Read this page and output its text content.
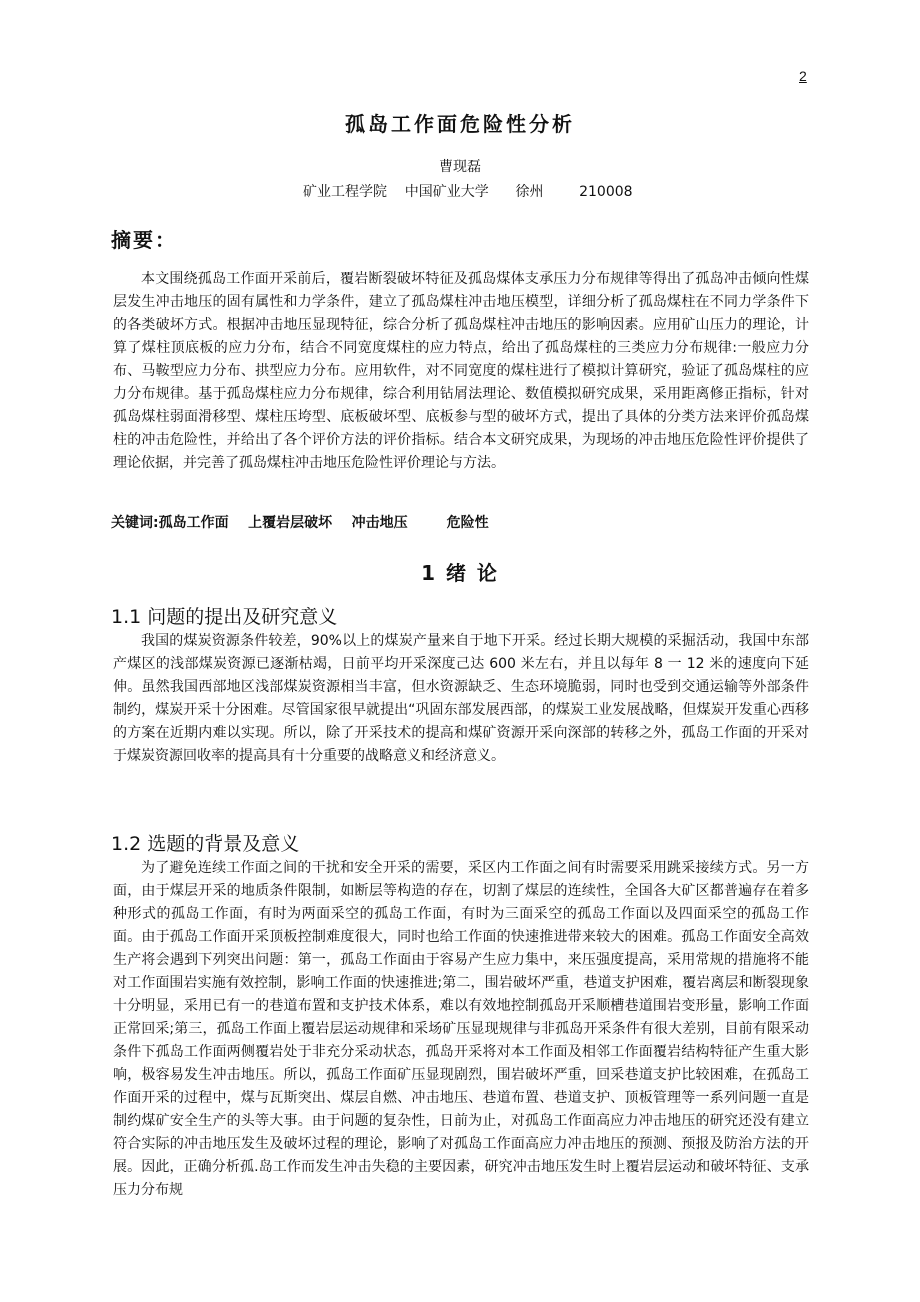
2
孤岛工作面危险性分析
曹现磊
矿业工程学院    中国矿业大学      徐州        210008
摘要：

本文围绕孤岛工作面开采前后，覆岩断裂破坏特征及孤岛煤体支承压力分布规律等得出了孤岛冲击倾向性煤层发生冲击地压的固有属性和力学条件，建立了孤岛煤柱冲击地压模型，详细分析了孤岛煤柱在不同力学条件下的各类破坏方式。根据冲击地压显现特征，综合分析了孤岛煤柱冲击地压的影响因素。应用矿山压力的理论，计算了煤柱顶底板的应力分布，结合不同宽度煤柱的应力特点，给出了孤岛煤柱的三类应力分布规律:一般应力分布、马鞍型应力分布、拱型应力分布。应用软件，对不同宽度的煤柱进行了模拟计算研究，验证了孤岛煤柱的应力分布规律。基于孤岛煤柱应力分布规律，综合利用钻屑法理论、数值模拟研究成果，采用距离修正指标，针对孤岛煤柱弱面滑移型、煤柱压垮型、底板破坏型、底板参与型的破坏方式，提出了具体的分类方法来评价孤岛煤柱的冲击危险性，并给出了各个评价方法的评价指标。结合本文研究成果，为现场的冲击地压危险性评价提供了理论依据，并完善了孤岛煤柱冲击地压危险性评价理论与方法。

关键词:孤岛工作面    上覆岩层破坏    冲击地压        危险性
1 绪 论
1.1 问题的提出及研究意义

我国的煤炭资源条件较差，90%以上的煤炭产量来自于地下开采。经过长期大规模的采掘活动，我国中东部产煤区的浅部煤炭资源已逐渐枯竭，日前平均开采深度己达 600 米左右，并且以每年 8 一 12 米的速度向下延伸。虽然我国西部地区浅部煤炭资源相当丰富，但水资源缺乏、生态环境脆弱，同时也受到交通运输等外部条件制约，煤炭开采十分困难。尽管国家很早就提出“巩固东部发展西部，的煤炭工业发展战略，但煤炭开发重心西移的方案在近期内难以实现。所以，除了开采技术的提高和煤矿资源开采向深部的转移之外，孤岛工作面的开采对于煤炭资源回收率的提高具有十分重要的战略意义和经济意义。

1.2 选题的背景及意义

为了避免连续工作面之间的干扰和安全开采的需要，采区内工作面之间有时需要采用跳采接续方式。另一方面，由于煤层开采的地质条件限制，如断层等构造的存在，切割了煤层的连续性，全国各大矿区都普遍存在着多种形式的孤岛工作面，有时为两面采空的孤岛工作面，有时为三面采空的孤岛工作面以及四面采空的孤岛工作面。由于孤岛工作面开采顶板控制难度很大，同时也给工作面的快速推进带来较大的困难。孤岛工作面安全高效生产将会遇到下列突出问题：第一，孤岛工作面由于容易产生应力集中，来压强度提高，采用常规的措施将不能对工作面围岩实施有效控制，影响工作面的快速推进;第二，围岩破坏严重，巷道支护困难，覆岩离层和断裂现象十分明显，采用已有一的巷道布置和支护技术体系，难以有效地控制孤岛开采顺槽巷道围岩变形量，影响工作面正常回采;第三，孤岛工作面上覆岩层运动规律和采场矿压显现规律与非孤岛开采条件有很大差别，目前有限采动条件下孤岛工作面两侧覆岩处于非充分采动状态，孤岛开采将对本工作面及相邻工作面覆岩结构特征产生重大影响，极容易发生冲击地压。所以，孤岛工作面矿压显现剧烈，围岩破坏严重，回采巷道支护比较困难，在孤岛工作面开采的过程中，煤与瓦斯突出、煤层自燃、冲击地压、巷道布置、巷道支护、顶板管理等一系列问题一直是制约煤矿安全生产的头等大事。由于问题的复杂性，日前为止，对孤岛工作面高应力冲击地压的研究还没有建立符合实际的冲击地压发生及破坏过程的理论，影响了对孤岛工作面高应力冲击地压的预测、预报及防治方法的开展。因此，正确分析孤.岛工作而发生冲击失稳的主要因素，研究冲击地压发生时上覆岩层运动和破坏特征、支承压力分布规
